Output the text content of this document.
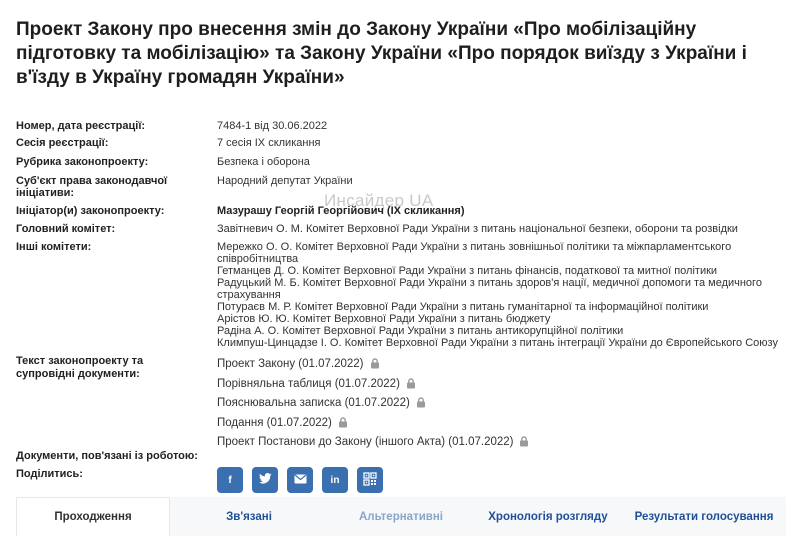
Проект Закону про внесення змін до Закону України «Про мобілізаційну підготовку та мобілізацію» та Закону України «Про порядок виїзду з України і в'їзду в Україну громадян України»
Инсайдер UA
Номер, дата реєстрації:	7484-1 від 30.06.2022
Сесія реєстрації:	7 сесія IX скликання
Рубрика законопроекту:	Безпека і оборона
Суб'єкт права законодавчої ініціативи:
Народний депутат України
Ініціатор(и) законопроекту:	Мазурашу Георгій Георгійович (IX скликання)
Головний комітет:	Завітневич О. М. Комітет Верховної Ради України з питань національної безпеки, оборони та розвідки
Інші комітети:	Мережко О. О. Комітет Верховної Ради України з питань зовнішньої політики та міжпарламентського співробітництва
Гетманцев Д. О. Комітет Верховної Ради України з питань фінансів, податкової та митної політики
Радуцький М. Б. Комітет Верховної Ради України з питань здоров'я нації, медичної допомоги та медичного страхування
Потураєв М. Р. Комітет Верховної Ради України з питань гуманітарної та інформаційної політики
Арістов Ю. Ю. Комітет Верховної Ради України з питань бюджету
Радіна А. О. Комітет Верховної Ради України з питань антикорупційної політики
Климпуш-Цинцадзе І. О. Комітет Верховної Ради України з питань інтеграції України до Європейського Союзу
Текст законопроекту та супровідні документи:
Проект Закону (01.07.2022)
Порівняльна таблиця (01.07.2022)
Пояснювальна записка (01.07.2022)
Подання (01.07.2022)
Проект Постанови до Закону (іншого Акта) (01.07.2022)
Документи, пов'язані із роботою:
Поділитись:	f	in
Проходження	Зв'язані	Альтернативні	Хронологія розгляду	Результати голосування
